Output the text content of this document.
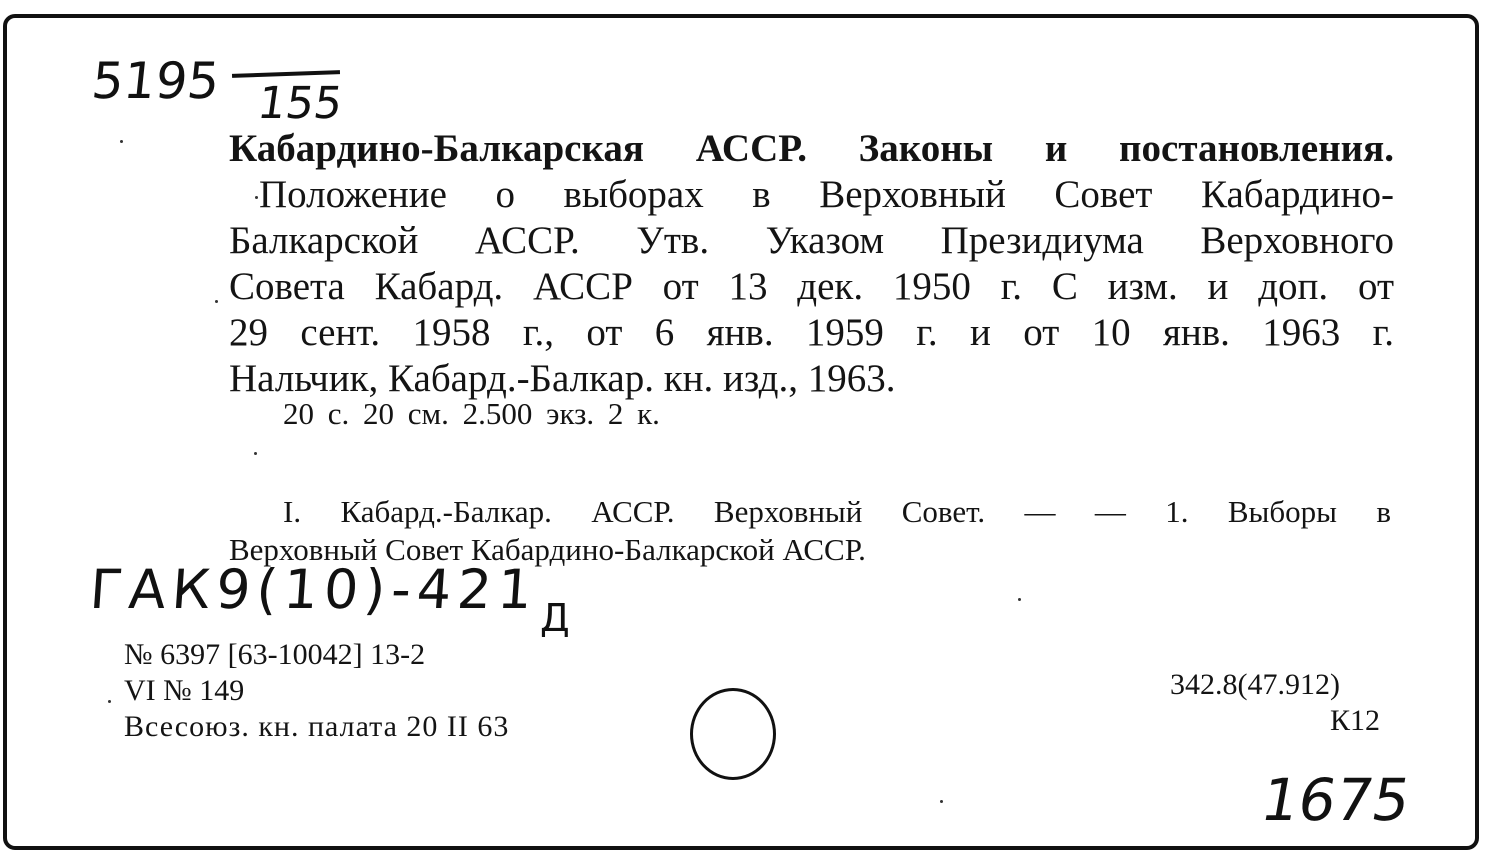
5195 155
Кабардино-Балкарская АССР. Законы и постановления.
Положение о выборах в Верховный Совет Кабардино-
Балкарской АССР. Утв. Указом Президиума Верховного
Совета Кабард. АССР от 13 дек. 1950 г. С изм. и доп. от
29 сент. 1958 г., от 6 янв. 1959 г. и от 10 янв. 1963 г.
Нальчик, Кабард.-Балкар. кн. изд., 1963.
20 с. 20 см. 2.500 экз. 2 к.
I. Кабард.-Балкар. АССР. Верховный Совет. — — 1. Выборы в
Верховный Совет Кабардино-Балкарской АССР.
ГАК9(10)-421 Д
№ 6397 [63-10042] 13-2
VI № 149
Всесоюз. кн. палата 20 II 63
342.8(47.912)
К12
1675
